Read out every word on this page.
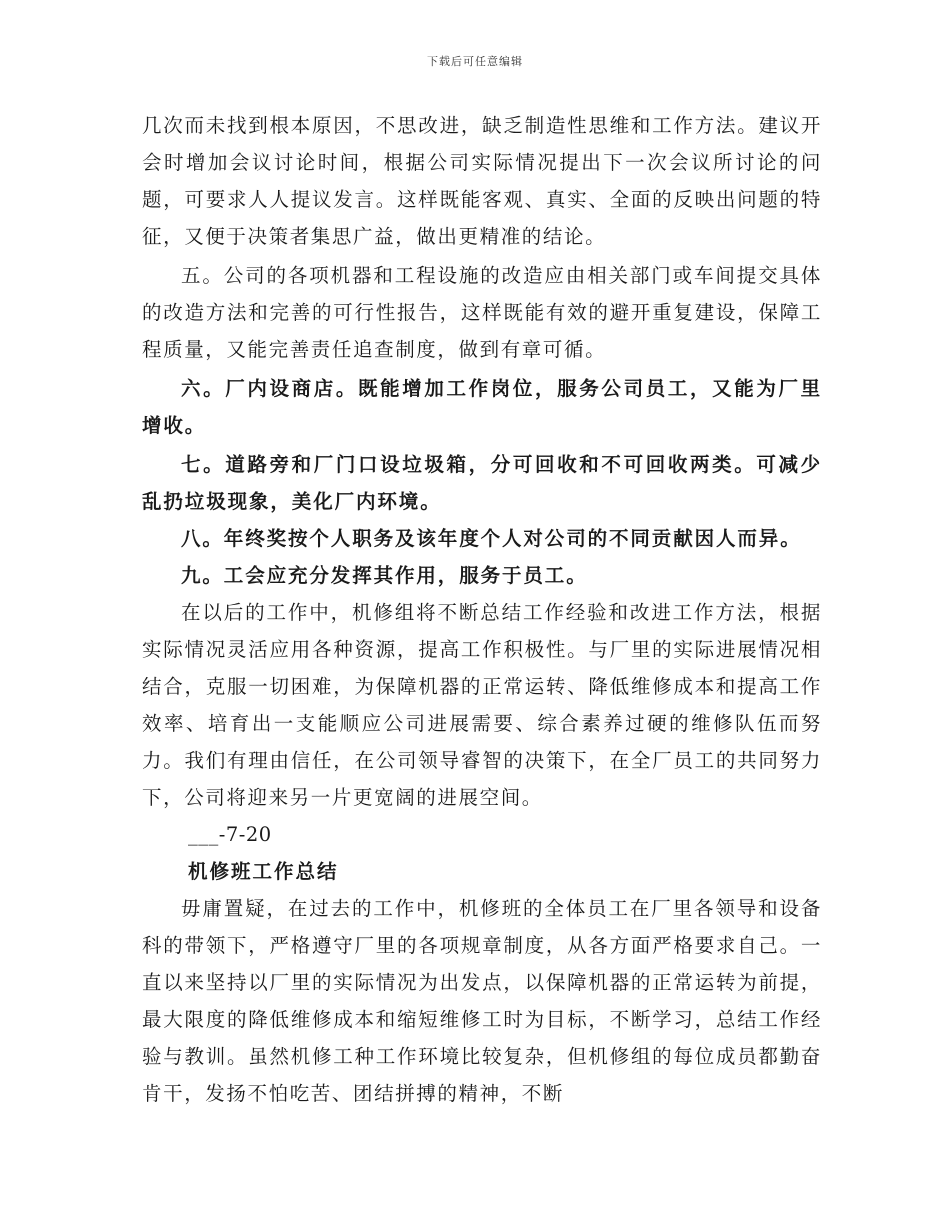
下载后可任意编辑

几次而未找到根本原因，不思改进，缺乏制造性思维和工作方法。建议开会时增加会议讨论时间，根据公司实际情况提出下一次会议所讨论的问题，可要求人人提议发言。这样既能客观、真实、全面的反映出问题的特征，又便于决策者集思广益，做出更精准的结论。

五。公司的各项机器和工程设施的改造应由相关部门或车间提交具体的改造方法和完善的可行性报告，这样既能有效的避开重复建设，保障工程质量，又能完善责任追查制度，做到有章可循。

六。厂内设商店。既能增加工作岗位，服务公司员工，又能为厂里增收。

七。道路旁和厂门口设垃圾箱，分可回收和不可回收两类。可减少乱扔垃圾现象，美化厂内环境。

八。年终奖按个人职务及该年度个人对公司的不同贡献因人而异。

九。工会应充分发挥其作用，服务于员工。

在以后的工作中，机修组将不断总结工作经验和改进工作方法，根据实际情况灵活应用各种资源，提高工作积极性。与厂里的实际进展情况相结合，克服一切困难，为保障机器的正常运转、降低维修成本和提高工作效率、培育出一支能顺应公司进展需要、综合素养过硬的维修队伍而努力。我们有理由信任，在公司领导睿智的决策下，在全厂员工的共同努力下，公司将迎来另一片更宽阔的进展空间。

___-7-20

机修班工作总结

毋庸置疑，在过去的工作中，机修班的全体员工在厂里各领导和设备科的带领下，严格遵守厂里的各项规章制度，从各方面严格要求自己。一直以来坚持以厂里的实际情况为出发点，以保障机器的正常运转为前提，最大限度的降低维修成本和缩短维修工时为目标，不断学习，总结工作经验与教训。虽然机修工种工作环境比较复杂，但机修组的每位成员都勤奋肯干，发扬不怕吃苦、团结拼搏的精神，不断
